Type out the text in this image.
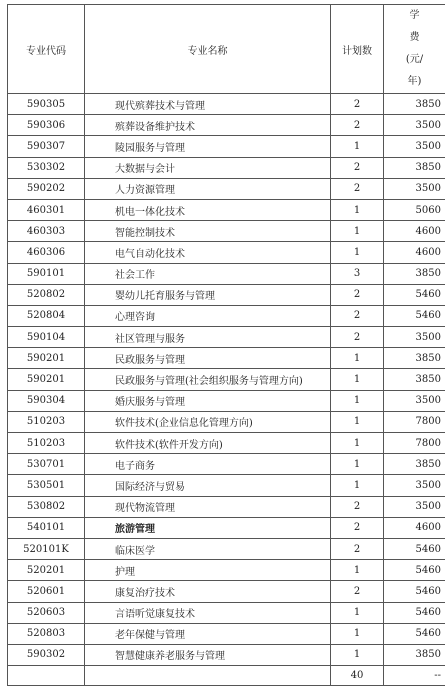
专业代码	专业名称	计划数	学
费
(元/
年)

590305	现代殡葬技术与管理	2	3850
590306	殡葬设备维护技术	2	3500
590307	陵园服务与管理	1	3500
530302	大数据与会计	2	3850
590202	人力资源管理	2	3500
460301	机电一体化技术	1	5060
460303	智能控制技术	1	4600
460306	电气自动化技术	1	4600
590101	社会工作	3	3850
520802	婴幼儿托育服务与管理	2	5460
520804	心理咨询	2	5460
590104	社区管理与服务	2	3500
590201	民政服务与管理	1	3850
590201	民政服务与管理(社会组织服务与管理方向)	1	3850
590304	婚庆服务与管理	1	3500
510203	软件技术(企业信息化管理方向)	1	7800
510203	软件技术(软件开发方向)	1	7800
530701	电子商务	1	3850
530501	国际经济与贸易	1	3500
530802	现代物流管理	2	3500
540101	旅游管理	2	4600
520101K	临床医学	2	5460
520201	护理	1	5460
520601	康复治疗技术	2	5460
520603	言语听觉康复技术	1	5460
520803	老年保健与管理	1	5460
590302	智慧健康养老服务与管理	1	3850
		40	--
